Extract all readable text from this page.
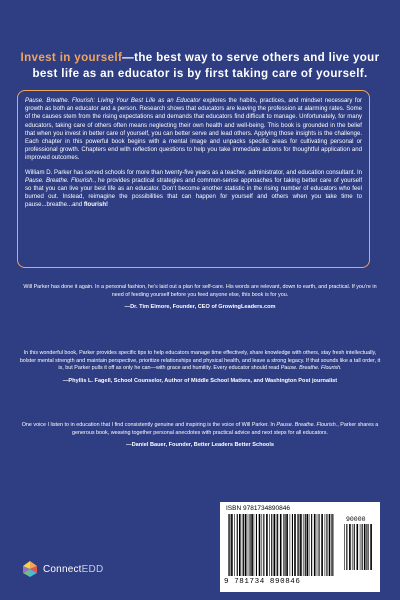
Invest in yourself—the best way to serve others and live your best life as an educator is by first taking care of yourself.

Pause. Breathe. Flourish: Living Your Best Life as an Educator explores the habits, practices, and mindset necessary for growth as both an educator and a person. Research shows that educators are leaving the profession at alarming rates. Some of the causes stem from the rising expectations and demands that educators find difficult to manage. Unfortunately, for many educators, taking care of others often means neglecting their own health and well-being. This book is grounded in the belief that when you invest in better care of yourself, you can better serve and lead others. Applying those insights is the challenge. Each chapter in this powerful book begins with a mental image and unpacks specific areas for cultivating personal or professional growth. Chapters end with reflection questions to help you take immediate actions for thoughtful application and improved outcomes.

William D. Parker has served schools for more than twenty-five years as a teacher, administrator, and education consultant. In Pause. Breathe. Flourish., he provides practical strategies and common-sense approaches for taking better care of yourself so that you can live your best life as an educator. Don’t become another statistic in the rising number of educators who feel burned out. Instead, reimagine the possibilities that can happen for yourself and others when you take time to pause...breathe...and flourish!

Will Parker has done it again. In a personal fashion, he’s laid out a plan for self-care. His words are relevant, down to earth, and practical. If you’re in need of feeding yourself before you feed anyone else, this book is for you.

—Dr. Tim Elmore, Founder, CEO of GrowingLeaders.com

In this wonderful book, Parker provides specific tips to help educators manage time effectively, share knowledge with others, stay fresh intellectually, bolster mental strength and maintain perspective, prioritize relationships and physical health, and leave a strong legacy. If that sounds like a tall order, it is, but Parker pulls it off as only he can—with grace and humility. Every educator should read Pause. Breathe. Flourish.

—Phyllis L. Fagell, School Counselor, Author of Middle School Matters, and Washington Post journalist

One voice I listen to in education that I find consistently genuine and inspiring is the voice of Will Parker. In Pause. Breathe. Flourish., Parker shares a generous book, weaving together personal anecdotes with practical advice and next steps for all educators.

—Daniel Bauer, Founder, Better Leaders Better Schools

ConnectEDD
ISBN 9781734890846
90000
9 781734 890846
